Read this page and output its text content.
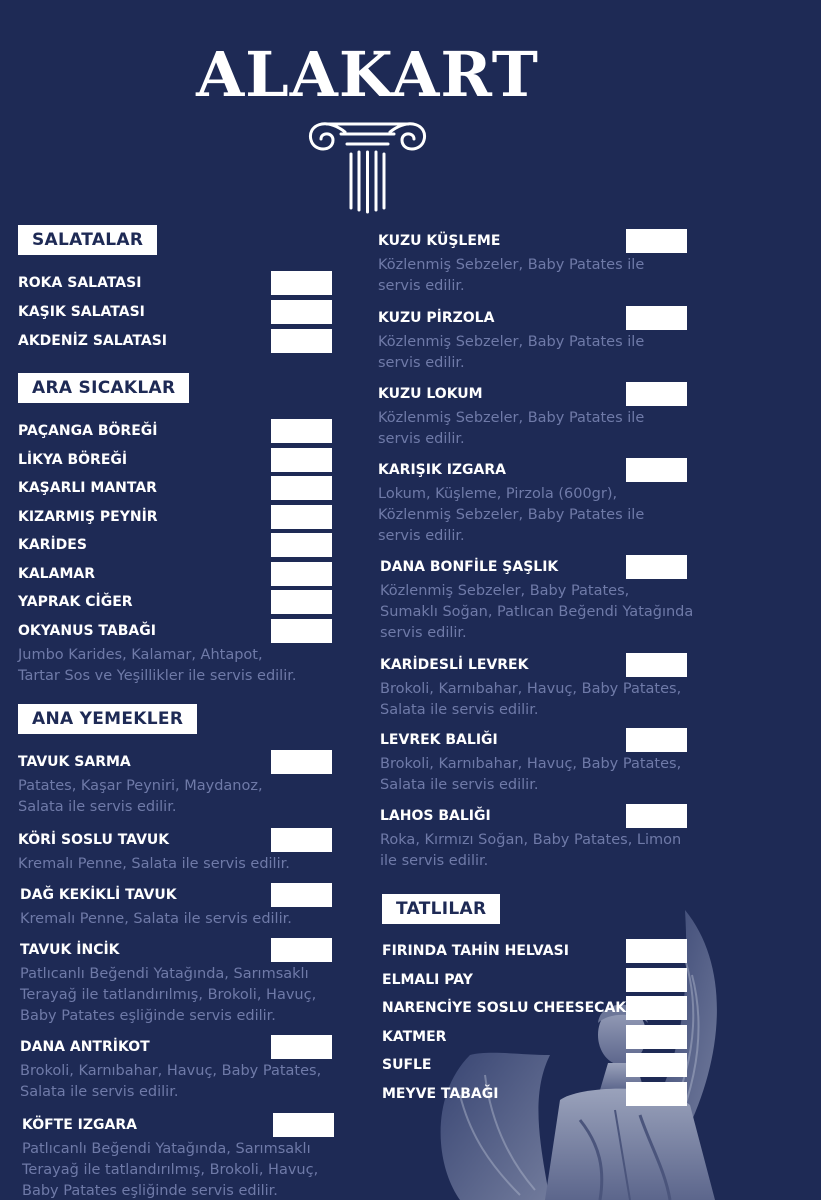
ALAKART
SALATALAR
ROKA SALATASI
KAŞIK SALATASI
AKDENİZ SALATASI
ARA SICAKLAR
PAÇANGA BÖREĞİ
LİKYA BÖREĞİ
KAŞARLI MANTAR
KIZARMIŞ PEYNİR
KARİDES
KALAMAR
YAPRAK CİĞER
OKYANUS TABAĞI
Jumbo Karides, Kalamar, Ahtapot,
Tartar Sos ve Yeşillikler ile servis edilir.
ANA YEMEKLER
TAVUK SARMA
Patates, Kaşar Peyniri, Maydanoz,
Salata ile servis edilir.
KÖRİ SOSLU TAVUK
Kremalı Penne, Salata ile servis edilir.
DAĞ KEKİKLİ TAVUK
Kremalı Penne, Salata ile servis edilir.
TAVUK İNCİK
Patlıcanlı Beğendi Yatağında, Sarımsaklı
Terayağ ile tatlandırılmış, Brokoli, Havuç,
Baby Patates eşliğinde servis edilir.
DANA ANTRİKOT
Brokoli, Karnıbahar, Havuç, Baby Patates,
Salata ile servis edilir.
KÖFTE IZGARA
Patlıcanlı Beğendi Yatağında, Sarımsaklı
Terayağ ile tatlandırılmış, Brokoli, Havuç,
Baby Patates eşliğinde servis edilir.
KUZU KÜŞLEME
Közlenmiş Sebzeler, Baby Patates ile
servis edilir.
KUZU PİRZOLA
Közlenmiş Sebzeler, Baby Patates ile
servis edilir.
KUZU LOKUM
Közlenmiş Sebzeler, Baby Patates ile
servis edilir.
KARIŞIK IZGARA
Lokum, Küşleme, Pirzola (600gr),
Közlenmiş Sebzeler, Baby Patates ile
servis edilir.
DANA BONFİLE ŞAŞLIK
Közlenmiş Sebzeler, Baby Patates,
Sumaklı Soğan, Patlıcan Beğendi Yatağında
servis edilir.
KARİDESLİ LEVREK
Brokoli, Karnıbahar, Havuç, Baby Patates,
Salata ile servis edilir.
LEVREK BALIĞI
Brokoli, Karnıbahar, Havuç, Baby Patates,
Salata ile servis edilir.
LAHOS BALIĞI
Roka, Kırmızı Soğan, Baby Patates, Limon
ile servis edilir.
TATLILAR
FIRINDA TAHİN HELVASI
ELMALI PAY
NARENCİYE SOSLU CHEESECAKE
KATMER
SUFLE
MEYVE TABAĞI
